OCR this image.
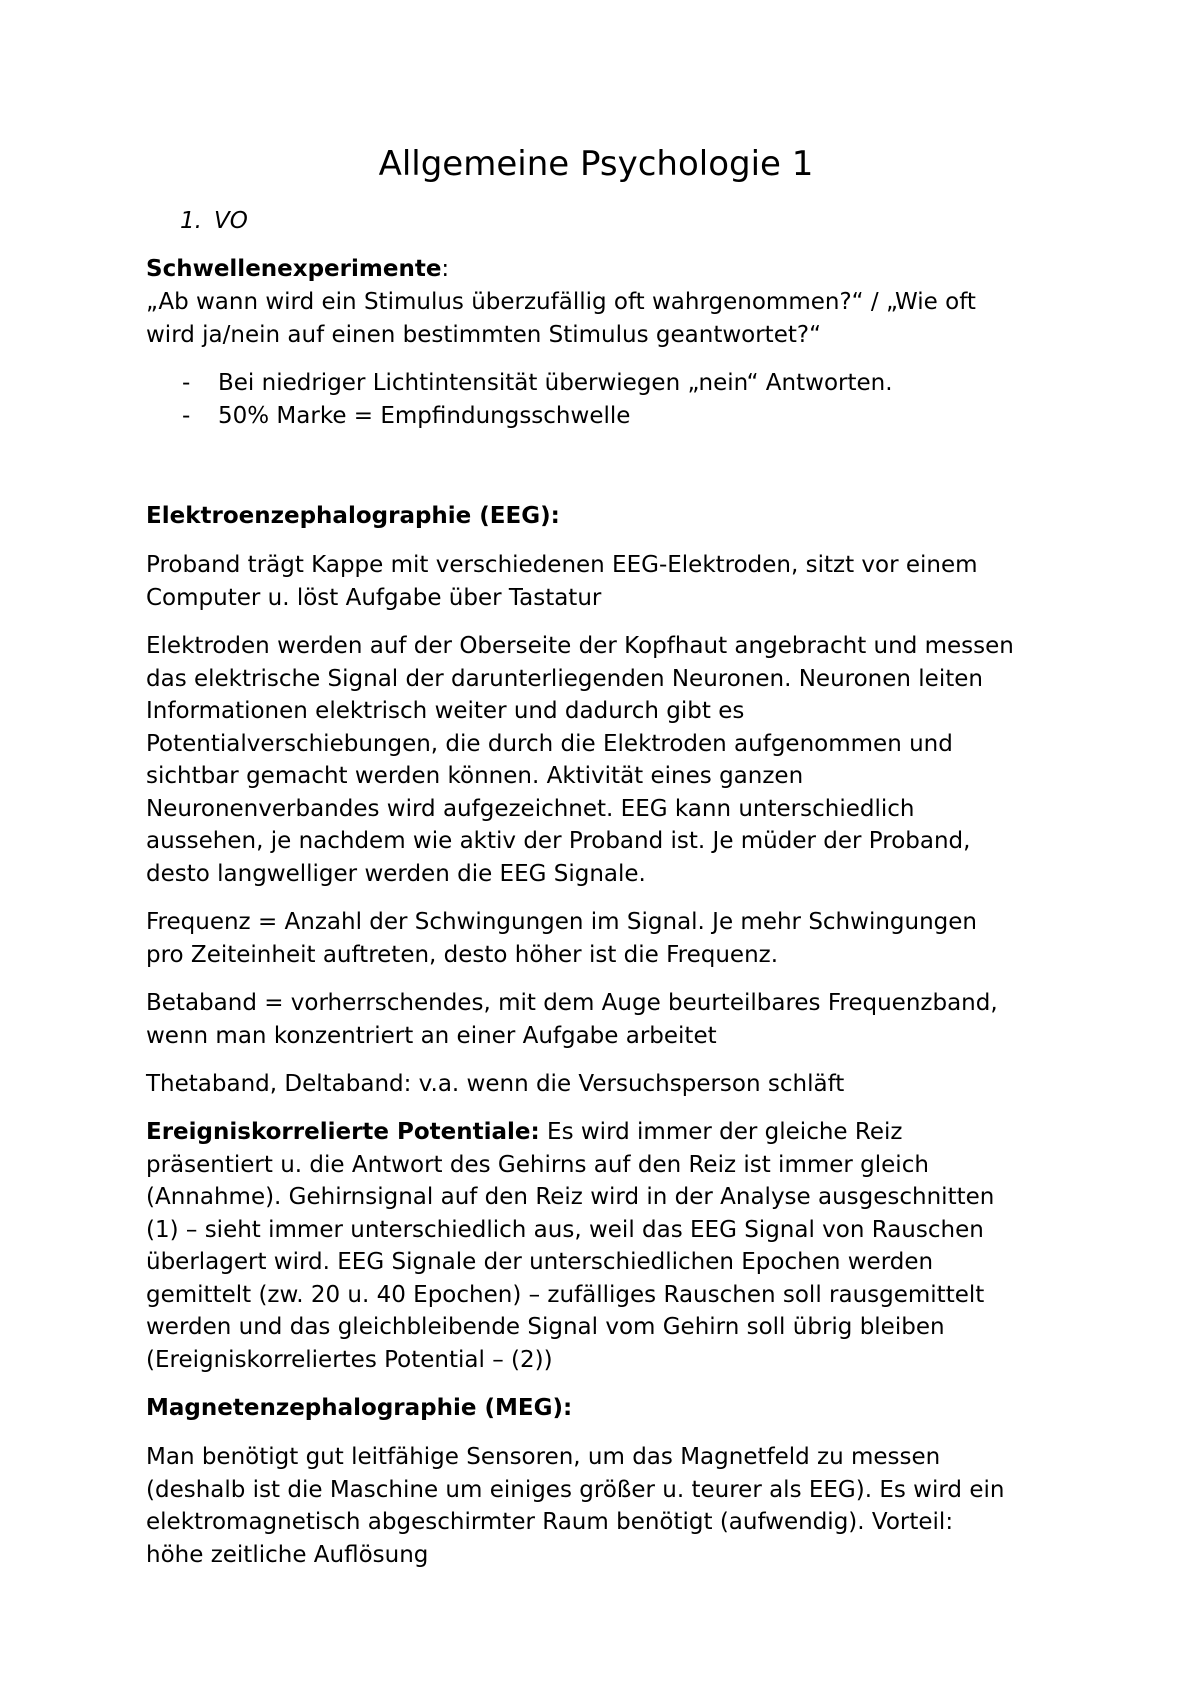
Allgemeine Psychologie 1

1. VO

Schwellenexperimente:

„Ab wann wird ein Stimulus überzufällig oft wahrgenommen?“ / „Wie oft
wird ja/nein auf einen bestimmten Stimulus geantwortet?“

- Bei niedriger Lichtintensität überwiegen „nein“ Antworten.

- 50% Marke = Empfindungsschwelle

Elektroenzephalographie (EEG):

Proband trägt Kappe mit verschiedenen EEG-Elektroden, sitzt vor einem
Computer u. löst Aufgabe über Tastatur

Elektroden werden auf der Oberseite der Kopfhaut angebracht und messen
das elektrische Signal der darunterliegenden Neuronen. Neuronen leiten
Informationen elektrisch weiter und dadurch gibt es
Potentialverschiebungen, die durch die Elektroden aufgenommen und
sichtbar gemacht werden können. Aktivität eines ganzen
Neuronenverbandes wird aufgezeichnet. EEG kann unterschiedlich
aussehen, je nachdem wie aktiv der Proband ist. Je müder der Proband,
desto langwelliger werden die EEG Signale.

Frequenz = Anzahl der Schwingungen im Signal. Je mehr Schwingungen
pro Zeiteinheit auftreten, desto höher ist die Frequenz.

Betaband = vorherrschendes, mit dem Auge beurteilbares Frequenzband,
wenn man konzentriert an einer Aufgabe arbeitet

Thetaband, Deltaband: v.a. wenn die Versuchsperson schläft

Ereigniskorrelierte Potentiale: Es wird immer der gleiche Reiz
präsentiert u. die Antwort des Gehirns auf den Reiz ist immer gleich
(Annahme). Gehirnsignal auf den Reiz wird in der Analyse ausgeschnitten
(1) – sieht immer unterschiedlich aus, weil das EEG Signal von Rauschen
überlagert wird. EEG Signale der unterschiedlichen Epochen werden
gemittelt (zw. 20 u. 40 Epochen) – zufälliges Rauschen soll rausgemittelt
werden und das gleichbleibende Signal vom Gehirn soll übrig bleiben
(Ereigniskorreliertes Potential – (2))

Magnetenzephalographie (MEG):

Man benötigt gut leitfähige Sensoren, um das Magnetfeld zu messen
(deshalb ist die Maschine um einiges größer u. teurer als EEG). Es wird ein
elektromagnetisch abgeschirmter Raum benötigt (aufwendig). Vorteil:
höhe zeitliche Auflösung
